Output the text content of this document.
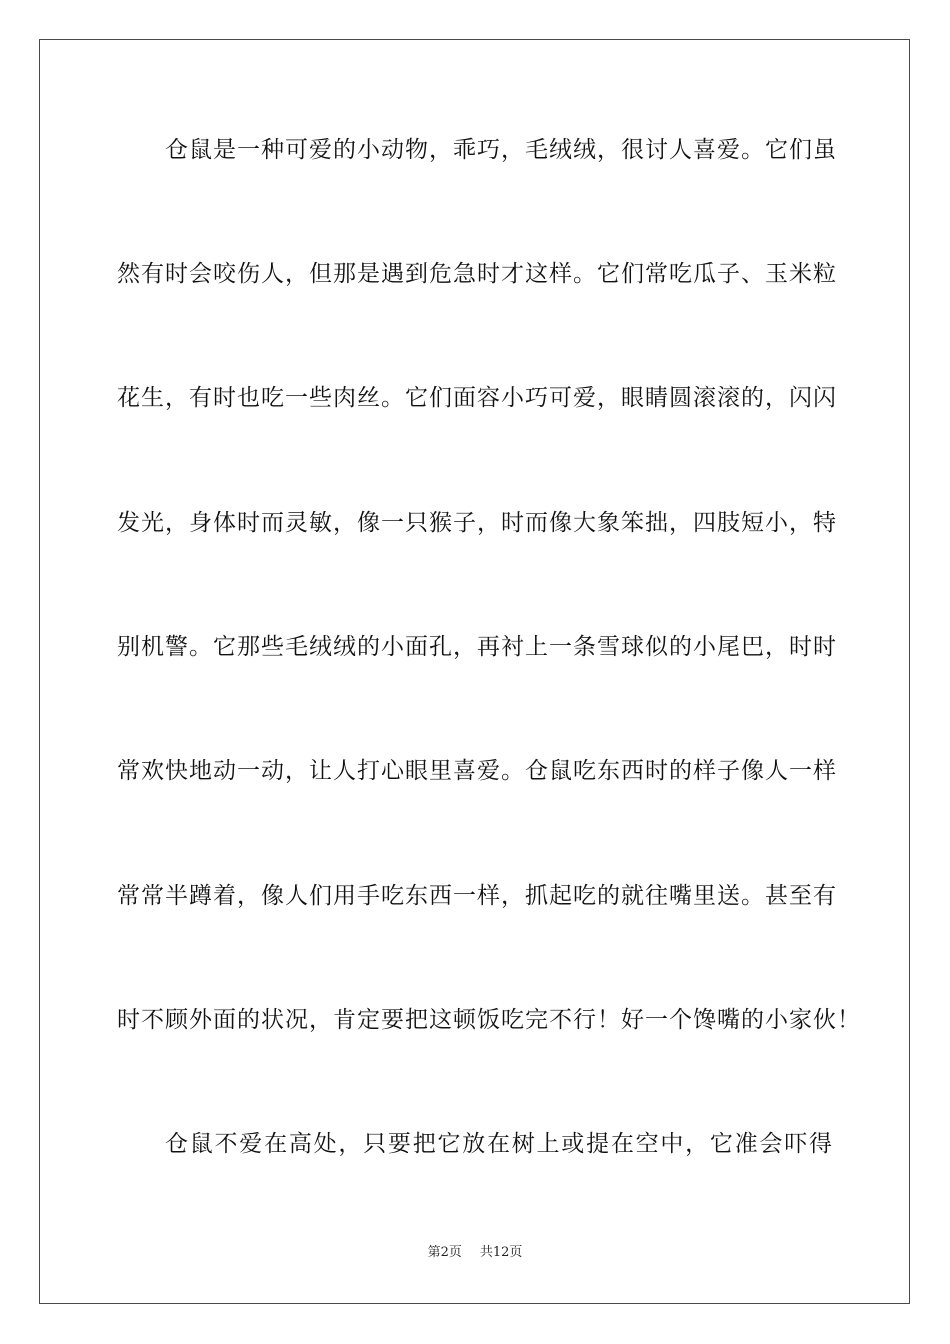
仓鼠是一种可爱的小动物，乖巧，毛绒绒，很讨人喜爱。它们虽
然有时会咬伤人，但那是遇到危急时才这样。它们常吃瓜子、玉米粒
花生，有时也吃一些肉丝。它们面容小巧可爱，眼睛圆滚滚的，闪闪
发光，身体时而灵敏，像一只猴子，时而像大象笨拙，四肢短小，特
别机警。它那些毛绒绒的小面孔，再衬上一条雪球似的小尾巴，时时
常欢快地动一动，让人打心眼里喜爱。仓鼠吃东西时的样子像人一样
常常半蹲着，像人们用手吃东西一样，抓起吃的就往嘴里送。甚至有
时不顾外面的状况，肯定要把这顿饭吃完不行！好一个馋嘴的小家伙！
仓鼠不爱在高处，只要把它放在树上或提在空中，它准会吓得
第2页 共12页
